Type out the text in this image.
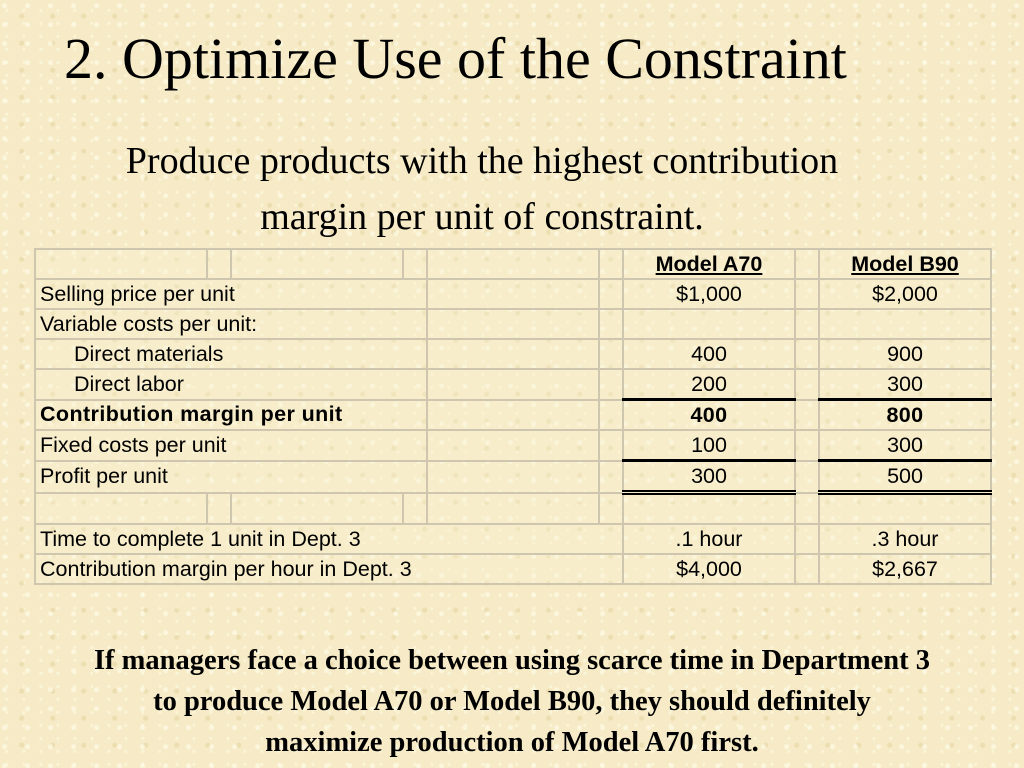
2. Optimize Use of the Constraint
Produce products with the highest contribution
margin per unit of constraint.
						Model A70		Model B90
Selling price per unit						$1,000		$2,000
Variable costs per unit:								
Direct materials						400		900
Direct labor						200		300
Contribution margin per unit						400		800
Fixed costs per unit						100		300
Profit per unit						300		500

Time to complete 1 unit in Dept. 3						.1 hour		.3 hour
Contribution margin per hour in Dept. 3						$4,000		$2,667
If managers face a choice between using scarce time in Department 3
to produce Model A70 or Model B90, they should definitely
maximize production of Model A70 first.
